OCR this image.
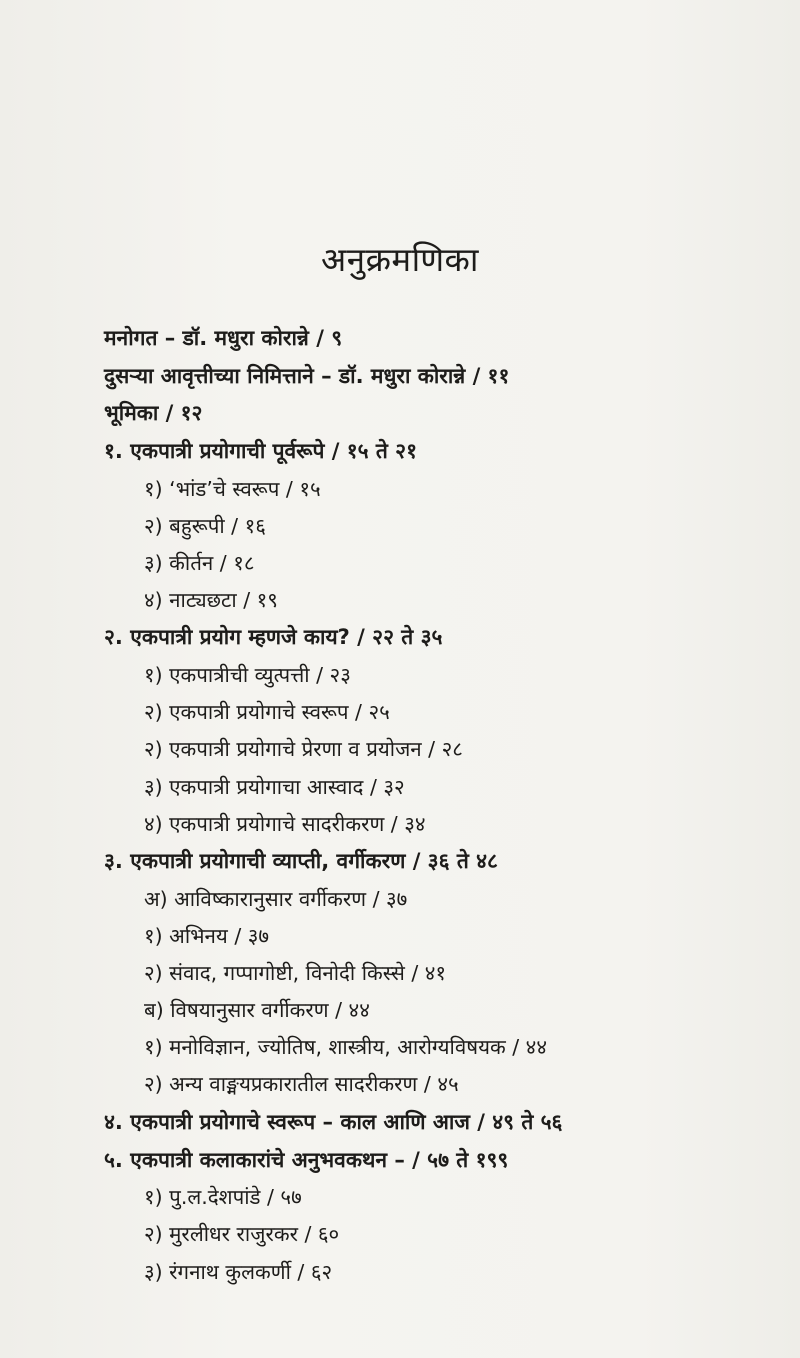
अनुक्रमणिका
मनोगत – डॉ. मधुरा कोरान्ने / ९
दुसऱ्या आवृत्तीच्या निमित्ताने – डॉ. मधुरा कोरान्ने / ११
भूमिका / १२
१. एकपात्री प्रयोगाची पूर्वरूपे / १५ ते २१
१) ‘भांड’चे स्वरूप / १५
२) बहुरूपी / १६
३) कीर्तन / १८
४) नाट्यछटा / १९
२. एकपात्री प्रयोग म्हणजे काय? / २२ ते ३५
१) एकपात्रीची व्युत्पत्ती / २३
२) एकपात्री प्रयोगाचे स्वरूप / २५
२) एकपात्री प्रयोगाचे प्रेरणा व प्रयोजन / २८
३) एकपात्री प्रयोगाचा आस्वाद / ३२
४) एकपात्री प्रयोगाचे सादरीकरण / ३४
३. एकपात्री प्रयोगाची व्याप्ती, वर्गीकरण / ३६ ते ४८
अ) आविष्कारानुसार वर्गीकरण / ३७
१) अभिनय / ३७
२) संवाद, गप्पागोष्टी, विनोदी किस्से / ४१
ब) विषयानुसार वर्गीकरण / ४४
१) मनोविज्ञान, ज्योतिष, शास्त्रीय, आरोग्यविषयक / ४४
२) अन्य वाङ्मयप्रकारातील सादरीकरण / ४५
४. एकपात्री प्रयोगाचे स्वरूप – काल आणि आज / ४९ ते ५६
५. एकपात्री कलाकारांचे अनुभवकथन – / ५७ ते १९९
१) पु.ल.देशपांडे / ५७
२) मुरलीधर राजुरकर / ६०
३) रंगनाथ कुलकर्णी / ६२
